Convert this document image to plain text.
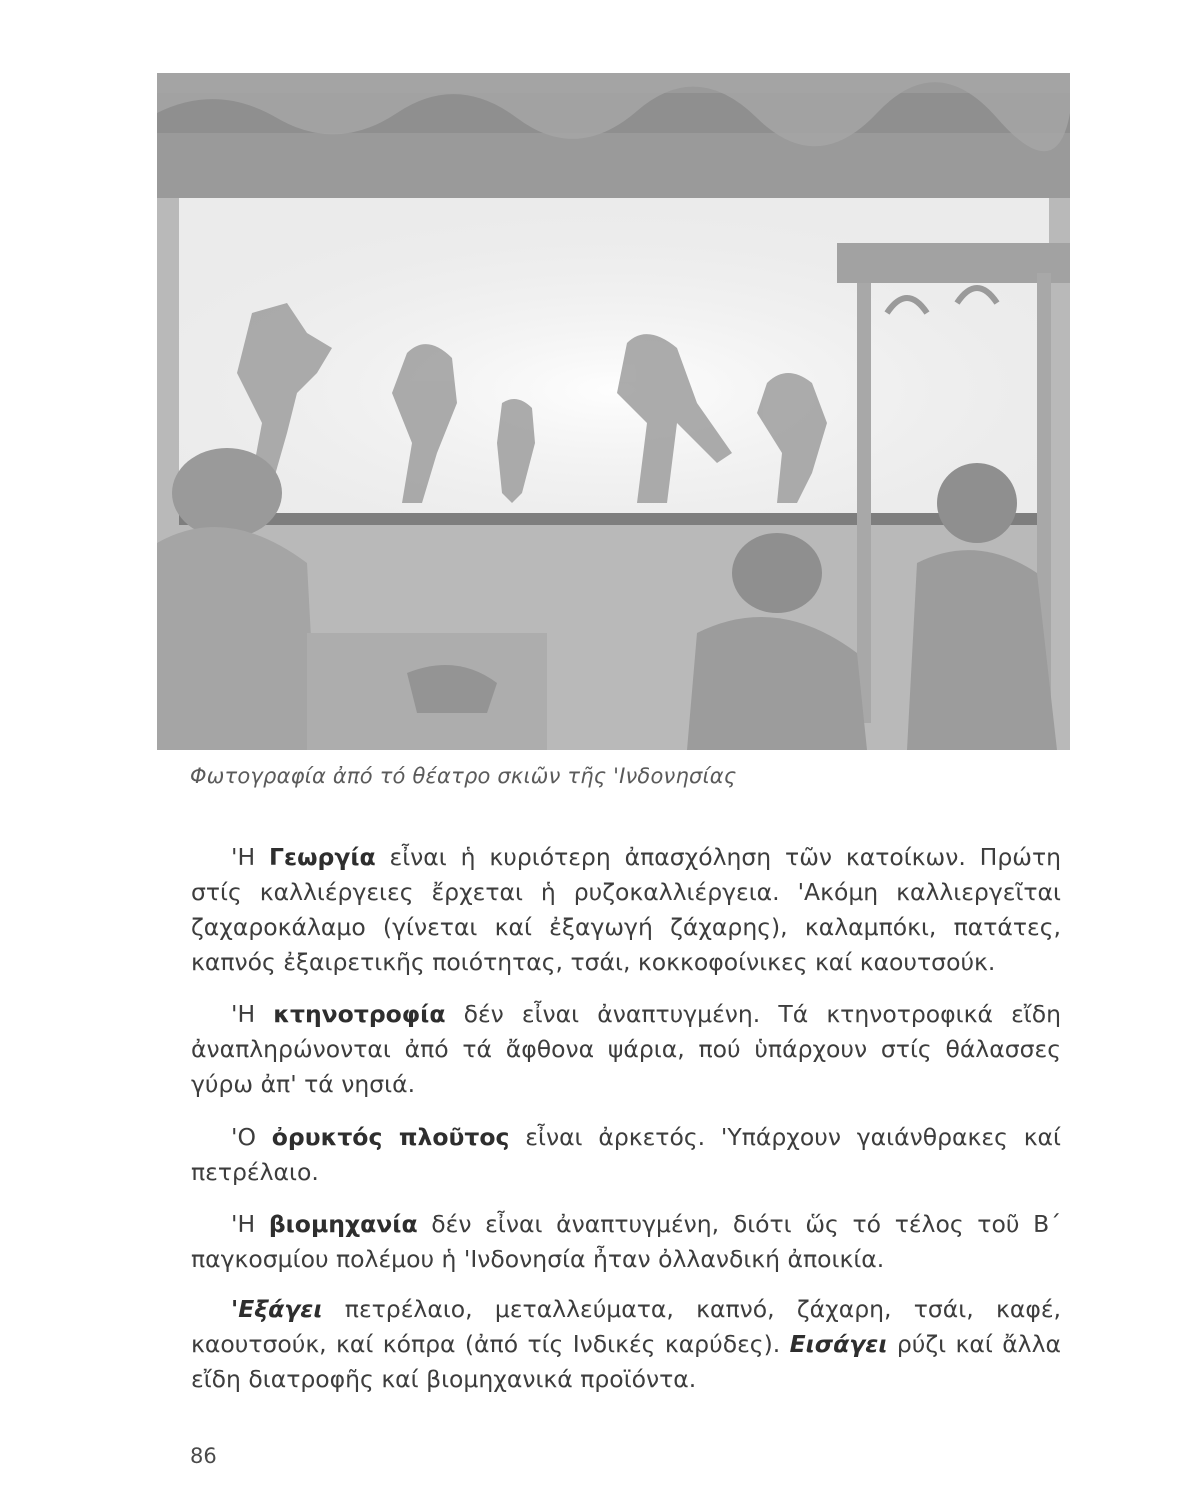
Φωτογραφία ἀπό τό θέατρο σκιῶν τῆς 'Ινδονησίας

'Η Γεωργία εἶναι ἡ κυριότερη ἀπασχόληση τῶν κατοίκων. Πρώτη στίς καλλιέργειες ἔρχεται ἡ ρυζοκαλλιέργεια. 'Ακόμη καλλιεργεῖται ζαχαροκάλαμο (γίνεται καί ἐξαγωγή ζάχαρης), καλαμπόκι, πατάτες, καπνός ἐξαιρετικῆς ποιότητας, τσάι, κοκκοφοίνικες καί καουτσούκ.

'Η κτηνοτροφία δέν εἶναι ἀναπτυγμένη. Τά κτηνοτροφικά εἴδη ἀναπληρώνονται ἀπό τά ἄφθονα ψάρια, πού ὑπάρχουν στίς θάλασσες γύρω ἀπ' τά νησιά.

'Ο ὀρυκτός πλοῦτος εἶναι ἀρκετός. 'Υπάρχουν γαιάνθρακες καί πετρέλαιο.

'Η βιομηχανία δέν εἶναι ἀναπτυγμένη, διότι ὥς τό τέλος τοῦ Β΄ παγκοσμίου πολέμου ἡ 'Ινδονησία ἦταν ὀλλανδική ἀποικία.

'Εξάγει πετρέλαιο, μεταλλεύματα, καπνό, ζάχαρη, τσάι, καφέ, καουτσούκ, καί κόπρα (ἀπό τίς Ινδικές καρύδες). Εισάγει ρύζι καί ἄλλα εἴδη διατροφῆς καί βιομηχανικά προϊόντα.

86
